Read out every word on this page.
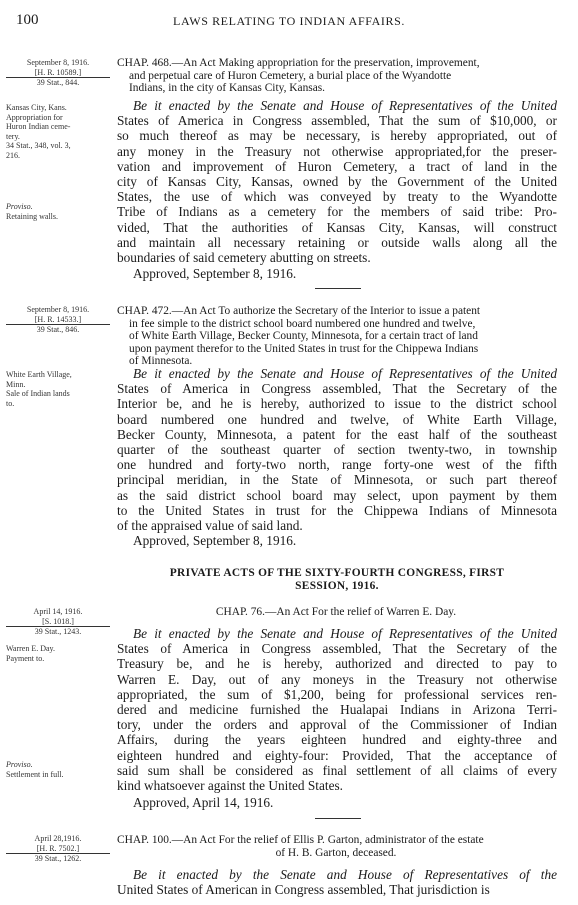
100	LAWS RELATING TO INDIAN AFFAIRS.
September 8, 1916.
[H. R. 10589.]
39 Stat., 844.
CHAP. 468.—An Act Making appropriation for the preservation, improvement,
and perpetual care of Huron Cemetery, a burial place of the Wyandotte
Indians, in the city of Kansas City, Kansas.
Kansas City, Kans.
Appropriation for
Huron Indian ceme-
tery.
34 Stat., 348, vol. 3,
216.
Proviso.
Retaining walls.
Be it enacted by the Senate and House of Representatives of the United
States of America in Congress assembled, That the sum of $10,000, or
so much thereof as may be necessary, is hereby appropriated, out of
any money in the Treasury not otherwise appropriated,for the preser-
vation and improvement of Huron Cemetery, a tract of land in the
city of Kansas City, Kansas, owned by the Government of the United
States, the use of which was conveyed by treaty to the Wyandotte
Tribe of Indians as a cemetery for the members of said tribe: Pro-
vided, That the authorities of Kansas City, Kansas, will construct
and maintain all necessary retaining or outside walls along all the
boundaries of said cemetery abutting on streets.
Approved, September 8, 1916.
September 8, 1916.
[H. R. 14533.]
39 Stat., 846.
CHAP. 472.—An Act To authorize the Secretary of the Interior to issue a patent
in fee simple to the district school board numbered one hundred and twelve,
of White Earth Village, Becker County, Minnesota, for a certain tract of land
upon payment therefor to the United States in trust for the Chippewa Indians
of Minnesota.
White Earth Village,
Minn.
Sale of Indian lands
to.
Be it enacted by the Senate and House of Representatives of the United
States of America in Congress assembled, That the Secretary of the
Interior be, and he is hereby, authorized to issue to the district school
board numbered one hundred and twelve, of White Earth Village,
Becker County, Minnesota, a patent for the east half of the southeast
quarter of the southeast quarter of section twenty-two, in township
one hundred and forty-two north, range forty-one west of the fifth
principal meridian, in the State of Minnesota, or such part thereof
as the said district school board may select, upon payment by them
to the United States in trust for the Chippewa Indians of Minnesota
of the appraised value of said land.
Approved, September 8, 1916.
PRIVATE ACTS OF THE SIXTY-FOURTH CONGRESS, FIRST
SESSION, 1916.
April 14, 1916.
[S. 1018.]
39 Stat., 1243.
CHAP. 76.—An Act For the relief of Warren E. Day.
Warren E. Day.
Payment to.
Proviso.
Settlement in full.
Be it enacted by the Senate and House of Representatives of the United
States of America in Congress assembled, That the Secretary of the
Treasury be, and he is hereby, authorized and directed to pay to
Warren E. Day, out of any moneys in the Treasury not otherwise
appropriated, the sum of $1,200, being for professional services ren-
dered and medicine furnished the Hualapai Indians in Arizona Terri-
tory, under the orders and approval of the Commissioner of Indian
Affairs, during the years eighteen hundred and eighty-three and
eighteen hundred and eighty-four: Provided, That the acceptance of
said sum shall be considered as final settlement of all claims of every
kind whatsoever against the United States.
Approved, April 14, 1916.
April 28,1916.
[H. R. 7502.]
39 Stat., 1262.
CHAP. 100.—An Act For the relief of Ellis P. Garton, administrator of the estate
of H. B. Garton, deceased.
Be it enacted by the Senate and House of Representatives of the
United States of American in Congress assembled, That jurisdiction is
